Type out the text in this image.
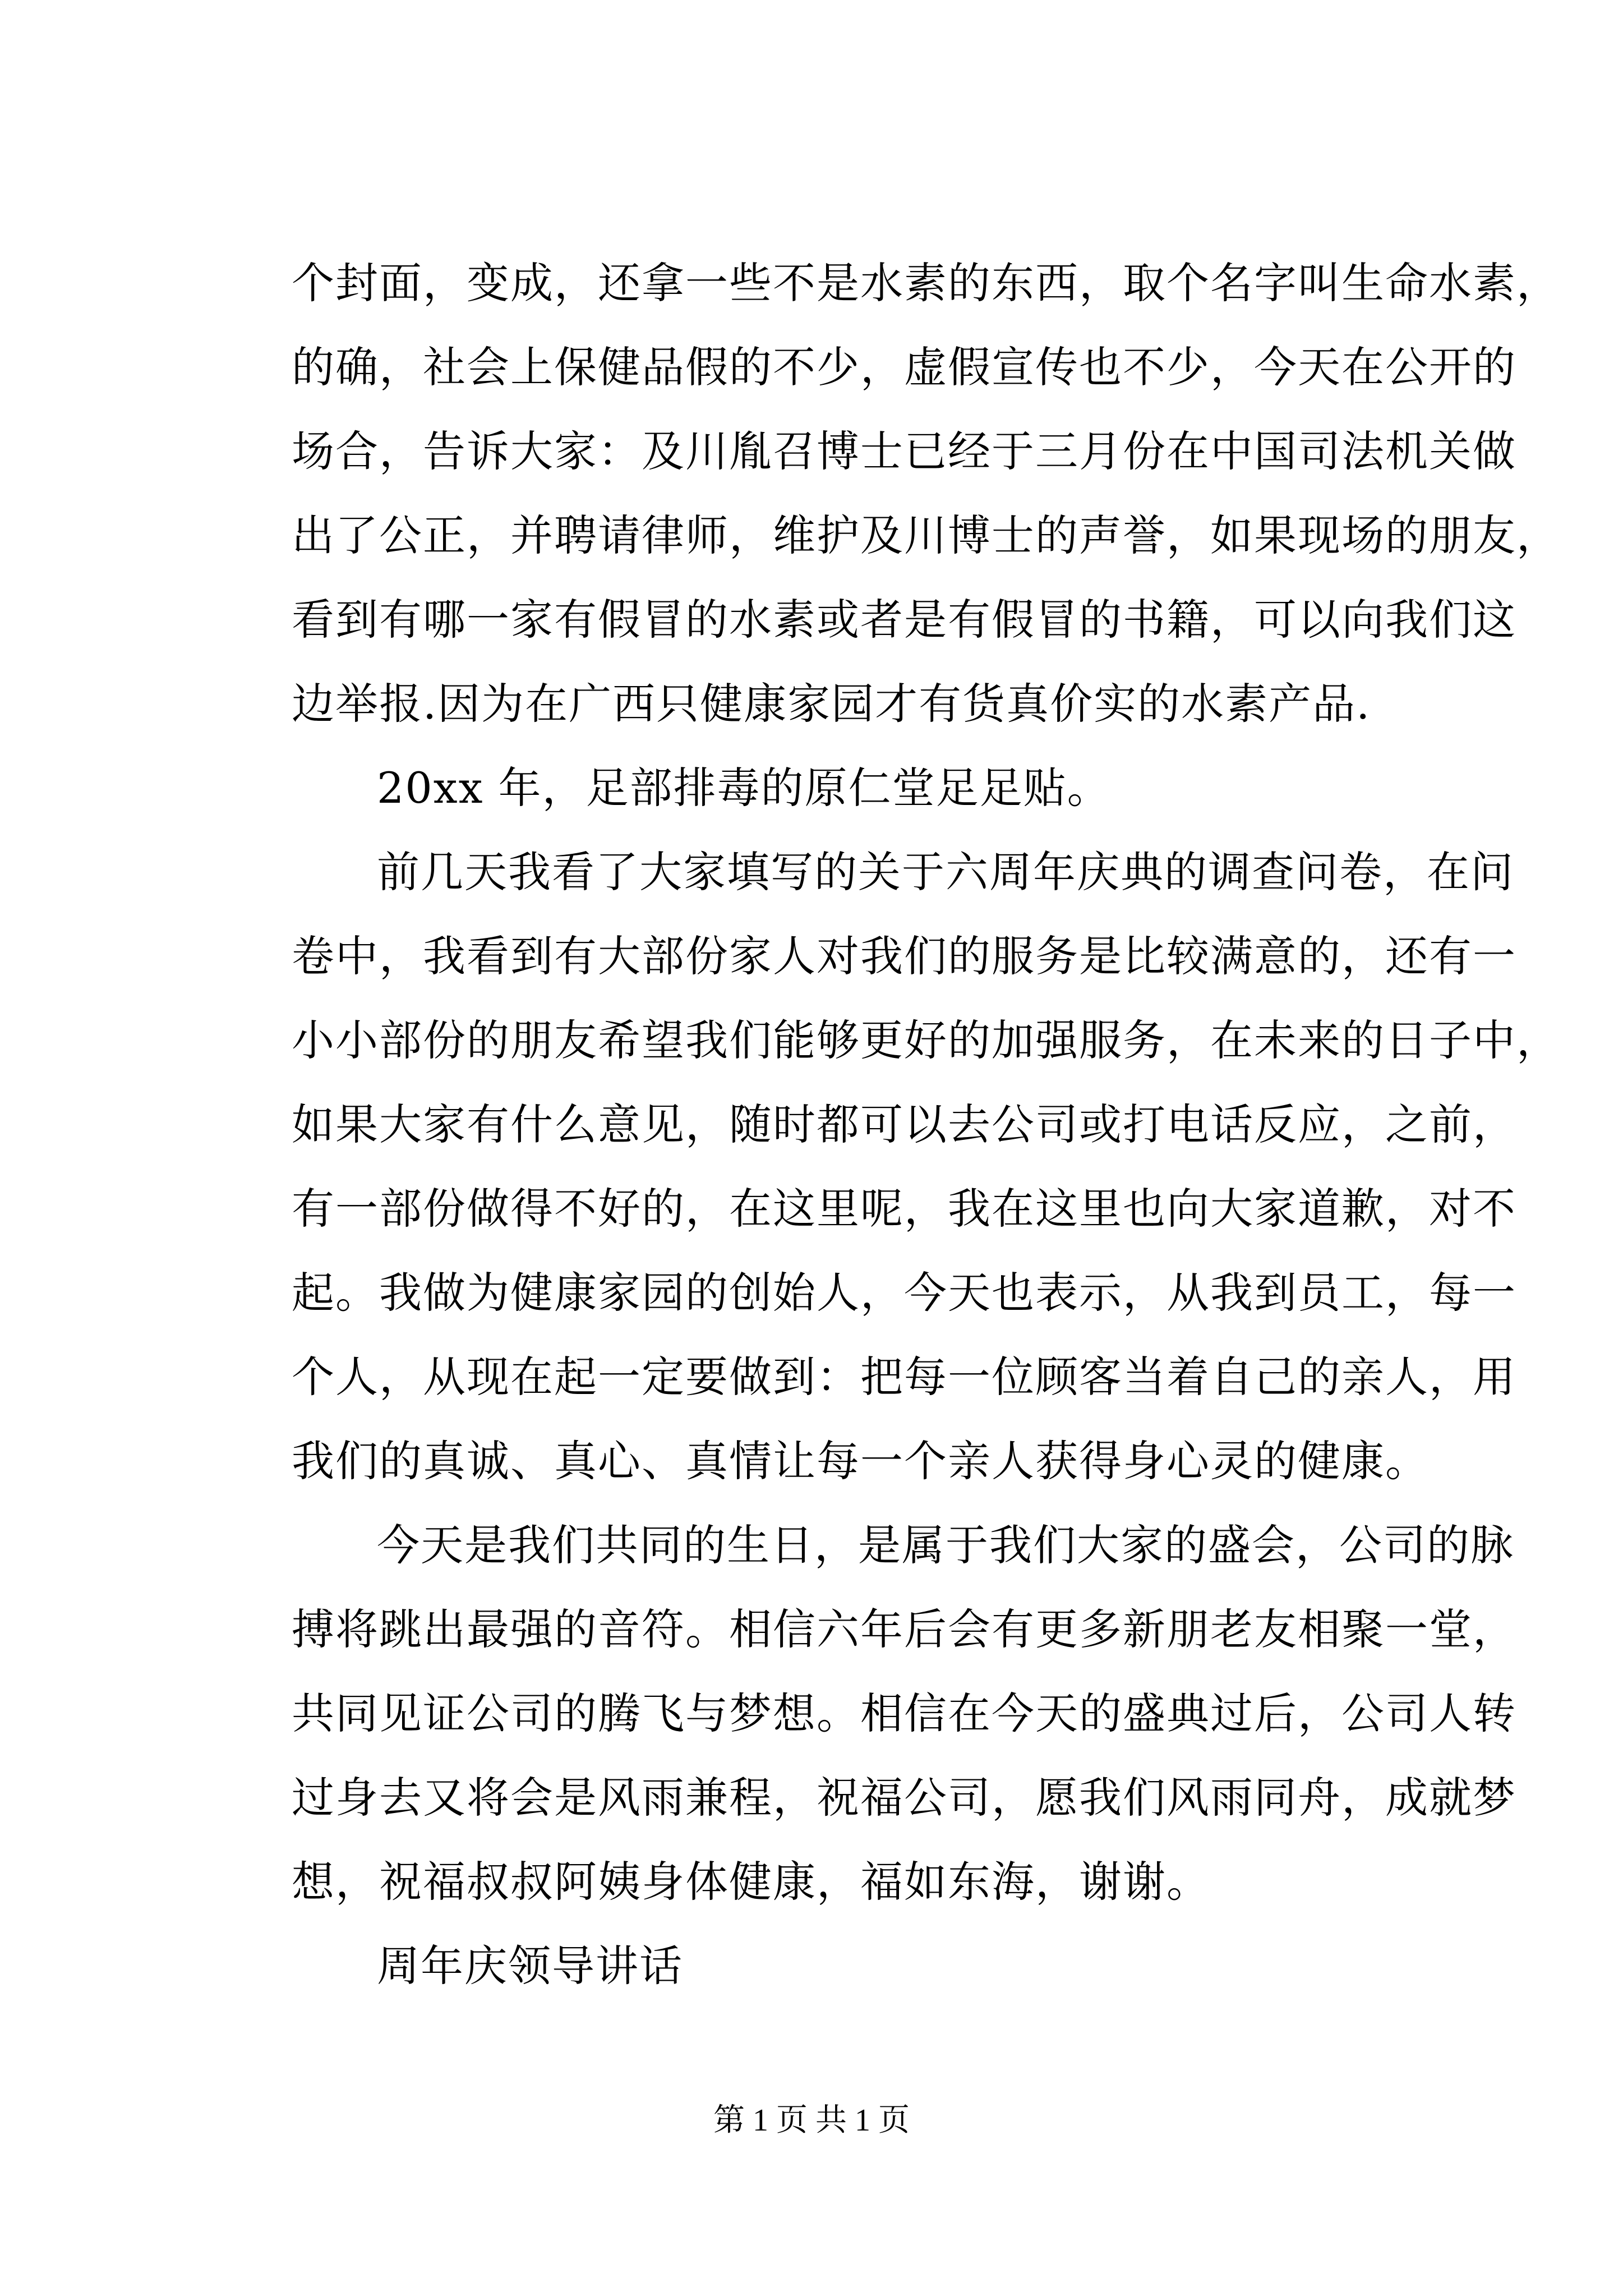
个封面，变成，还拿一些不是水素的东西，取个名字叫生命水素，
的确，社会上保健品假的不少，虚假宣传也不少，今天在公开的
场合，告诉大家：及川胤召博士已经于三月份在中国司法机关做
出了公正，并聘请律师，维护及川博士的声誉，如果现场的朋友，
看到有哪一家有假冒的水素或者是有假冒的书籍，可以向我们这
边举报.因为在广西只健康家园才有货真价实的水素产品.
20xx 年，足部排毒的原仁堂足足贴。
前几天我看了大家填写的关于六周年庆典的调查问卷，在问
卷中，我看到有大部份家人对我们的服务是比较满意的，还有一
小小部份的朋友希望我们能够更好的加强服务，在未来的日子中，
如果大家有什么意见，随时都可以去公司或打电话反应，之前，
有一部份做得不好的，在这里呢，我在这里也向大家道歉，对不
起。我做为健康家园的创始人，今天也表示，从我到员工，每一
个人，从现在起一定要做到：把每一位顾客当着自己的亲人，用
我们的真诚、真心、真情让每一个亲人获得身心灵的健康。
今天是我们共同的生日，是属于我们大家的盛会，公司的脉
搏将跳出最强的音符。相信六年后会有更多新朋老友相聚一堂，
共同见证公司的腾飞与梦想。相信在今天的盛典过后，公司人转
过身去又将会是风雨兼程，祝福公司，愿我们风雨同舟，成就梦
想，祝福叔叔阿姨身体健康，福如东海，谢谢。
周年庆领导讲话
第 1 页 共 1 页
